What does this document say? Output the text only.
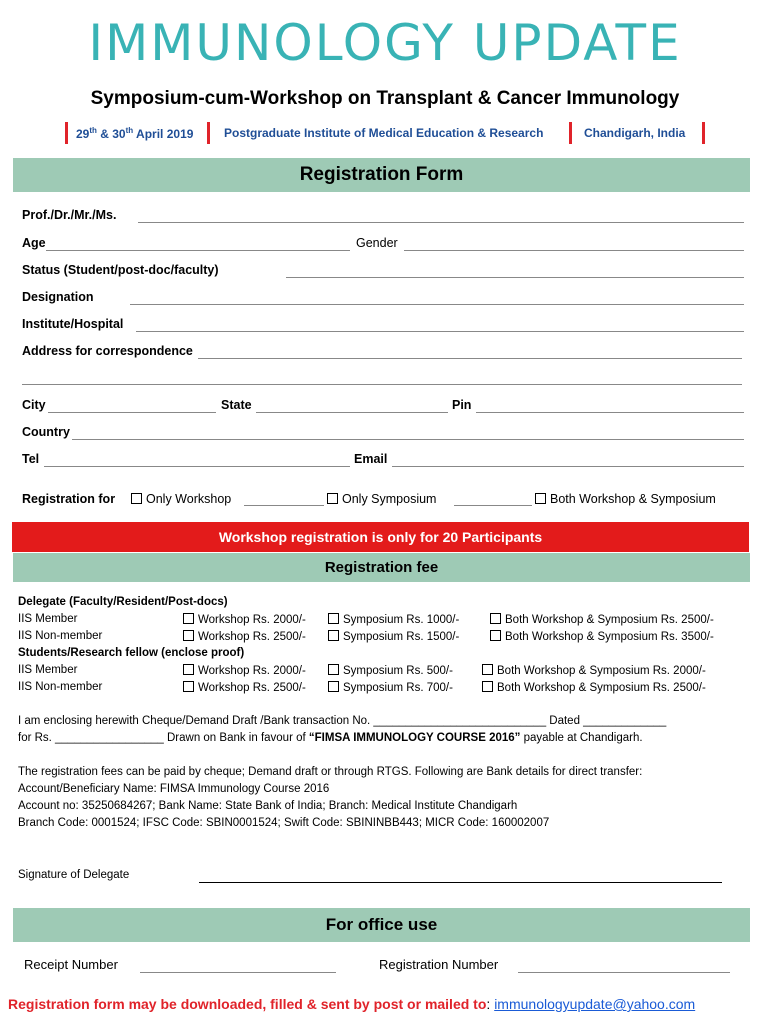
IMMUNOLOGY UPDATE
Symposium-cum-Workshop on Transplant & Cancer Immunology
29th & 30th April 2019	Postgraduate Institute of Medical Education & Research	Chandigarh, India
Registration Form
Prof./Dr./Mr./Ms.
Age	Gender
Status (Student/post-doc/faculty)
Designation
Institute/Hospital
Address for correspondence
City	State	Pin
Country
Tel	Email
Registration for	Only Workshop	Only Symposium	Both Workshop & Symposium
Workshop registration is only for 20 Participants
Registration fee
Delegate (Faculty/Resident/Post-docs)
IIS Member	Workshop Rs. 2000/-	Symposium Rs. 1000/-	Both Workshop & Symposium Rs. 2500/-
IIS Non-member	Workshop Rs. 2500/-	Symposium Rs. 1500/-	Both Workshop & Symposium Rs. 3500/-
Students/Research fellow (enclose proof)
IIS Member	Workshop Rs. 2000/-	Symposium Rs. 500/-	Both Workshop & Symposium Rs. 2000/-
IIS Non-member	Workshop Rs. 2500/-	Symposium Rs. 700/-	Both Workshop & Symposium Rs. 2500/-
I am enclosing herewith Cheque/Demand Draft /Bank transaction No. ___________________________ Dated _____________
for Rs. _________________ Drawn on Bank in favour of “FIMSA IMMUNOLOGY COURSE 2016” payable at Chandigarh.
The registration fees can be paid by cheque; Demand draft or through RTGS. Following are Bank details for direct transfer:
Account/Beneficiary Name: FIMSA Immunology Course 2016
Account no: 35250684267; Bank Name: State Bank of India; Branch: Medical Institute Chandigarh
Branch Code: 0001524; IFSC Code: SBIN0001524; Swift Code: SBININBB443; MICR Code: 160002007
Signature of Delegate
For office use
Receipt Number	Registration Number
Registration form may be downloaded, filled & sent by post or mailed to: immunologyupdate@yahoo.com
